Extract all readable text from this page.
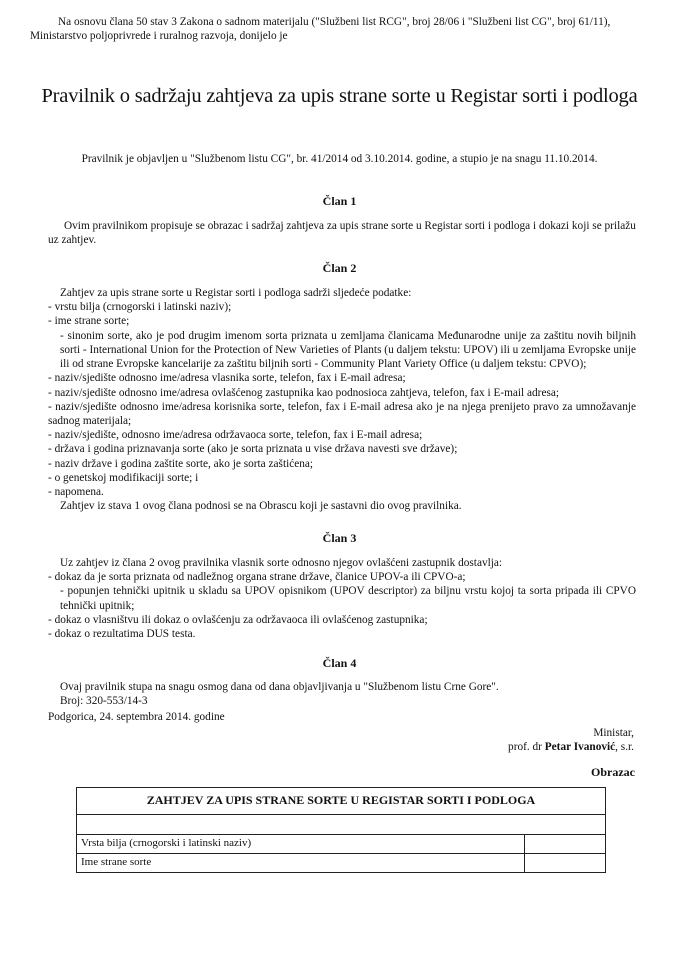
Na osnovu člana 50 stav 3 Zakona o sadnom materijalu ("Službeni list RCG", broj 28/06 i "Službeni list CG", broj 61/11), Ministarstvo poljoprivrede i ruralnog razvoja, donijelo je
Pravilnik o sadržaju zahtjeva za upis strane sorte u Registar sorti i podloga
Pravilnik je objavljen u "Službenom listu CG", br. 41/2014 od 3.10.2014. godine, a stupio je na snagu 11.10.2014.
Član 1
Ovim pravilnikom propisuje se obrazac i sadržaj zahtjeva za upis strane sorte u Registar sorti i podloga i dokazi koji se prilažu uz zahtjev.
Član 2
Zahtjev za upis strane sorte u Registar sorti i podloga sadrži sljedeće podatke:
- vrstu bilja (crnogorski i latinski naziv);
- ime strane sorte;
- sinonim sorte, ako je pod drugim imenom sorta priznata u zemljama članicama Međunarodne unije za zaštitu novih biljnih sorti - International Union for the Protection of New Varieties of Plants (u daljem tekstu: UPOV) ili u zemljama Evropske unije ili od strane Evropske kancelarije za zaštitu biljnih sorti - Community Plant Variety Office (u daljem tekstu: CPVO);
- naziv/sjedište odnosno ime/adresa vlasnika sorte, telefon, fax i E-mail adresa;
- naziv/sjedište odnosno ime/adresa ovlašćenog zastupnika kao podnosioca zahtjeva, telefon, fax i E-mail adresa;
- naziv/sjedište odnosno ime/adresa korisnika sorte, telefon, fax i E-mail adresa ako je na njega prenijeto pravo za umnožavanje sadnog materijala;
- naziv/sjedište, odnosno ime/adresa održavaoca sorte, telefon, fax i E-mail adresa;
- država i godina priznavanja sorte (ako je sorta priznata u vise država navesti sve države);
- naziv države i godina zaštite sorte, ako je sorta zaštićena;
- o genetskoj modifikaciji sorte; i
- napomena.
Zahtjev iz stava 1 ovog člana podnosi se na Obrascu koji je sastavni dio ovog pravilnika.
Član 3
Uz zahtjev iz člana 2 ovog pravilnika vlasnik sorte odnosno njegov ovlašćeni zastupnik dostavlja:
- dokaz da je sorta priznata od nadležnog organa strane države, članice UPOV-a ili CPVO-a;
- popunjen tehnički upitnik u skladu sa UPOV opisnikom (UPOV descriptor) za biljnu vrstu kojoj ta sorta pripada ili CPVO tehnički upitnik;
- dokaz o vlasništvu ili dokaz o ovlašćenju za održavaoca ili ovlašćenog zastupnika;
- dokaz o rezultatima DUS testa.
Član 4
Ovaj pravilnik stupa na snagu osmog dana od dana objavljivanja u "Službenom listu Crne Gore". Broj: 320-553/14-3
Podgorica, 24. septembra 2014. godine
Ministar,
prof. dr Petar Ivanović, s.r.
Obrazac
ZAHTJEV ZA UPIS STRANE SORTE U REGISTAR SORTI I PODLOGA	

Vrsta bilja (crnogorski i latinski naziv)	
Ime strane sorte	
